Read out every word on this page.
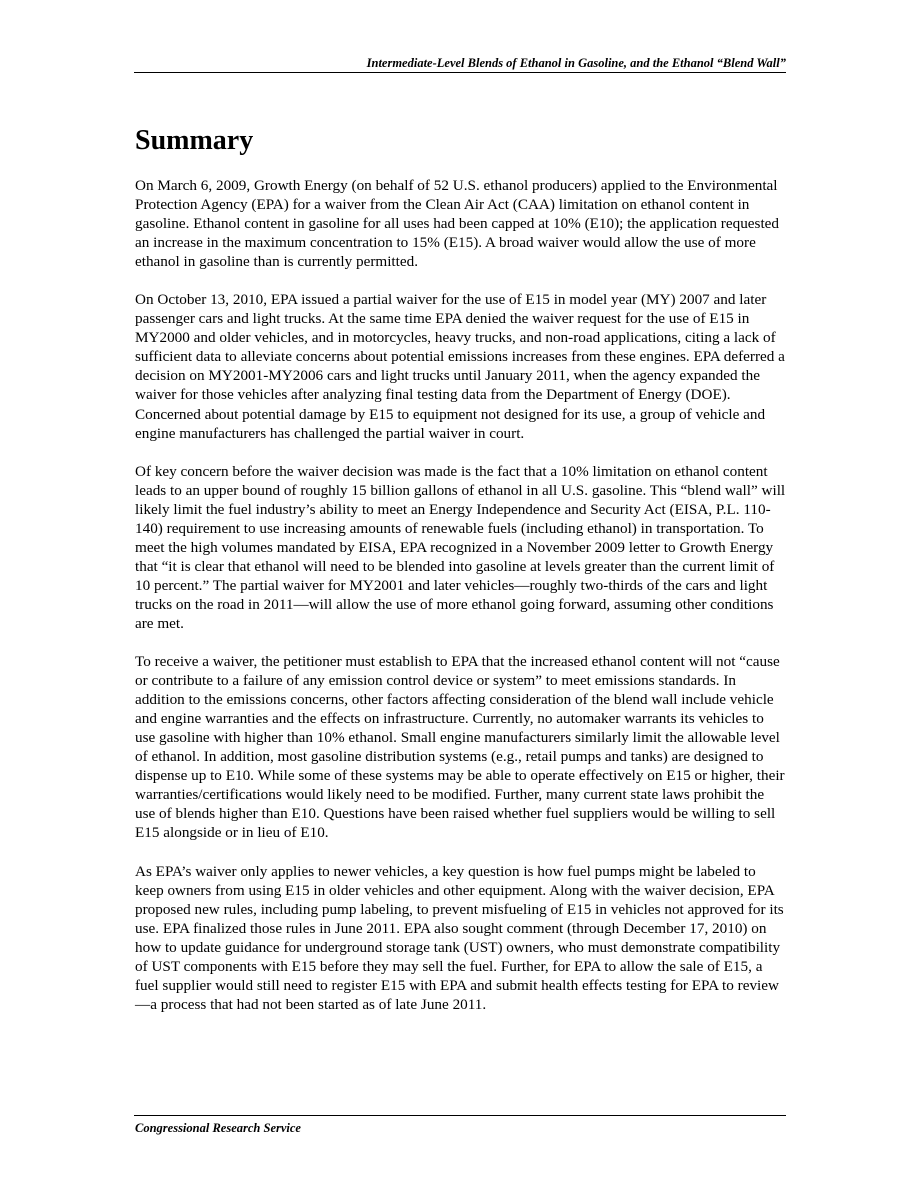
Intermediate-Level Blends of Ethanol in Gasoline, and the Ethanol “Blend Wall”
Summary

On March 6, 2009, Growth Energy (on behalf of 52 U.S. ethanol producers) applied to the Environmental Protection Agency (EPA) for a waiver from the Clean Air Act (CAA) limitation on ethanol content in gasoline. Ethanol content in gasoline for all uses had been capped at 10% (E10); the application requested an increase in the maximum concentration to 15% (E15). A broad waiver would allow the use of more ethanol in gasoline than is currently permitted.

On October 13, 2010, EPA issued a partial waiver for the use of E15 in model year (MY) 2007 and later passenger cars and light trucks. At the same time EPA denied the waiver request for the use of E15 in MY2000 and older vehicles, and in motorcycles, heavy trucks, and non-road applications, citing a lack of sufficient data to alleviate concerns about potential emissions increases from these engines. EPA deferred a decision on MY2001-MY2006 cars and light trucks until January 2011, when the agency expanded the waiver for those vehicles after analyzing final testing data from the Department of Energy (DOE). Concerned about potential damage by E15 to equipment not designed for its use, a group of vehicle and engine manufacturers has challenged the partial waiver in court.

Of key concern before the waiver decision was made is the fact that a 10% limitation on ethanol content leads to an upper bound of roughly 15 billion gallons of ethanol in all U.S. gasoline. This “blend wall” will likely limit the fuel industry’s ability to meet an Energy Independence and Security Act (EISA, P.L. 110-140) requirement to use increasing amounts of renewable fuels (including ethanol) in transportation. To meet the high volumes mandated by EISA, EPA recognized in a November 2009 letter to Growth Energy that “it is clear that ethanol will need to be blended into gasoline at levels greater than the current limit of 10 percent.” The partial waiver for MY2001 and later vehicles—roughly two-thirds of the cars and light trucks on the road in 2011—will allow the use of more ethanol going forward, assuming other conditions are met.

To receive a waiver, the petitioner must establish to EPA that the increased ethanol content will not “cause or contribute to a failure of any emission control device or system” to meet emissions standards. In addition to the emissions concerns, other factors affecting consideration of the blend wall include vehicle and engine warranties and the effects on infrastructure. Currently, no automaker warrants its vehicles to use gasoline with higher than 10% ethanol. Small engine manufacturers similarly limit the allowable level of ethanol. In addition, most gasoline distribution systems (e.g., retail pumps and tanks) are designed to dispense up to E10. While some of these systems may be able to operate effectively on E15 or higher, their warranties/certifications would likely need to be modified. Further, many current state laws prohibit the use of blends higher than E10. Questions have been raised whether fuel suppliers would be willing to sell E15 alongside or in lieu of E10.

As EPA’s waiver only applies to newer vehicles, a key question is how fuel pumps might be labeled to keep owners from using E15 in older vehicles and other equipment. Along with the waiver decision, EPA proposed new rules, including pump labeling, to prevent misfueling of E15 in vehicles not approved for its use. EPA finalized those rules in June 2011. EPA also sought comment (through December 17, 2010) on how to update guidance for underground storage tank (UST) owners, who must demonstrate compatibility of UST components with E15 before they may sell the fuel. Further, for EPA to allow the sale of E15, a fuel supplier would still need to register E15 with EPA and submit health effects testing for EPA to review—a process that had not been started as of late June 2011.

Congressional Research Service
